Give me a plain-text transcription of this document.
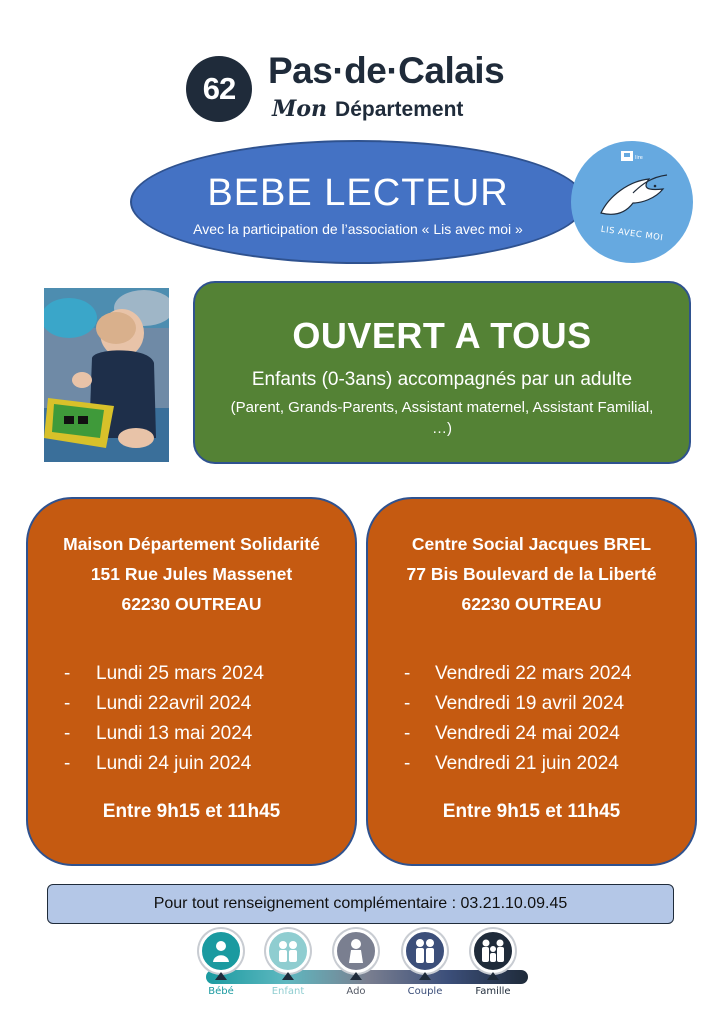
62 Pas·de·Calais
Mon Département
BEBE LECTEUR
Avec la participation de l’association « Lis avec moi »
lire
LIS AVEC MOI
OUVERT A TOUS
Enfants (0-3ans) accompagnés par un adulte
(Parent, Grands-Parents, Assistant maternel, Assistant Familial, …)
Maison Département Solidarité
151 Rue Jules Massenet
62230 OUTREAU
- Lundi 25 mars 2024
- Lundi 22avril 2024
- Lundi 13 mai 2024
- Lundi 24 juin 2024
Entre 9h15 et 11h45
Centre Social Jacques BREL
77 Bis Boulevard de la Liberté
62230 OUTREAU
- Vendredi 22 mars 2024
- Vendredi 19 avril 2024
- Vendredi 24 mai 2024
- Vendredi 21 juin 2024
Entre 9h15 et 11h45
Pour tout renseignement complémentaire : 03.21.10.09.45
Bébé	Enfant	Ado	Couple	Famille
